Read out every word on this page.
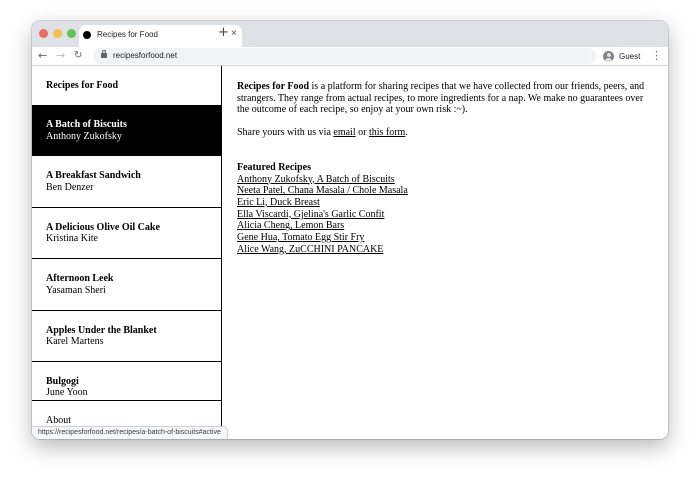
Recipes for Food	×
+
← → ↻	recipesforfood.net	Guest ⋮
Recipes for Food
A Batch of Biscuits
Anthony Zukofsky
A Breakfast Sandwich
Ben Denzer
A Delicious Olive Oil Cake
Kristina Kite
Afternoon Leek
Yasaman Sheri
Apples Under the Blanket
Karel Martens
Bulgogi
June Yoon
About

Recipes for Food is a platform for sharing recipes that we have collected from our friends, peers, and strangers. They range from actual recipes, to more ingredients for a nap. We make no guarantees over the outcome of each recipe, so enjoy at your own risk :~).

Share yours with us via email or this form.

Featured Recipes
Anthony Zukofsky, A Batch of Biscuits
Neeta Patel, Chana Masala / Chole Masala
Eric Li, Duck Breast
Ella Viscardi, Gjelina's Garlic Confit
Alicia Cheng, Lemon Bars
Gene Hua, Tomato Egg Stir Fry
Alice Wang, ZuCCHINI PANCAKE
https://recipesforfood.net/recipes/a-batch-of-biscuits#active
